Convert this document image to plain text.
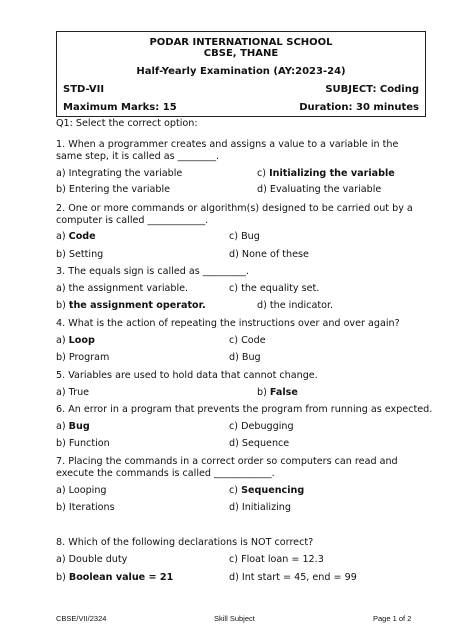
PODAR INTERNATIONAL SCHOOL
CBSE, THANE
Half-Yearly Examination (AY:2023-24)
STD-VII	SUBJECT: Coding
Maximum Marks: 15	Duration: 30 minutes
Q1: Select the correct option:
1. When a programmer creates and assigns a value to a variable in the same step, it is called as ________.
a) Integrating the variable	c) Initializing the variable
b) Entering the variable	d) Evaluating the variable
2. One or more commands or algorithm(s) designed to be carried out by a computer is called ____________.
a) Code	c) Bug
b) Setting	d) None of these
3. The equals sign is called as _________.
a) the assignment variable.	c) the equality set.
b) the assignment operator.	d) the indicator.
4. What is the action of repeating the instructions over and over again?
a) Loop	c) Code
b) Program	d) Bug
5. Variables are used to hold data that cannot change.
a) True	b) False
6. An error in a program that prevents the program from running as expected.
a) Bug	c) Debugging
b) Function	d) Sequence
7. Placing the commands in a correct order so computers can read and execute the commands is called ____________.
a) Looping	c) Sequencing
b) Iterations	d) Initializing
8. Which of the following declarations is NOT correct?
a) Double duty	c) Float loan = 12.3
b) Boolean value = 21	d) Int start = 45, end = 99
CBSE/VII/2324	Skill Subject	Page 1 of 2
